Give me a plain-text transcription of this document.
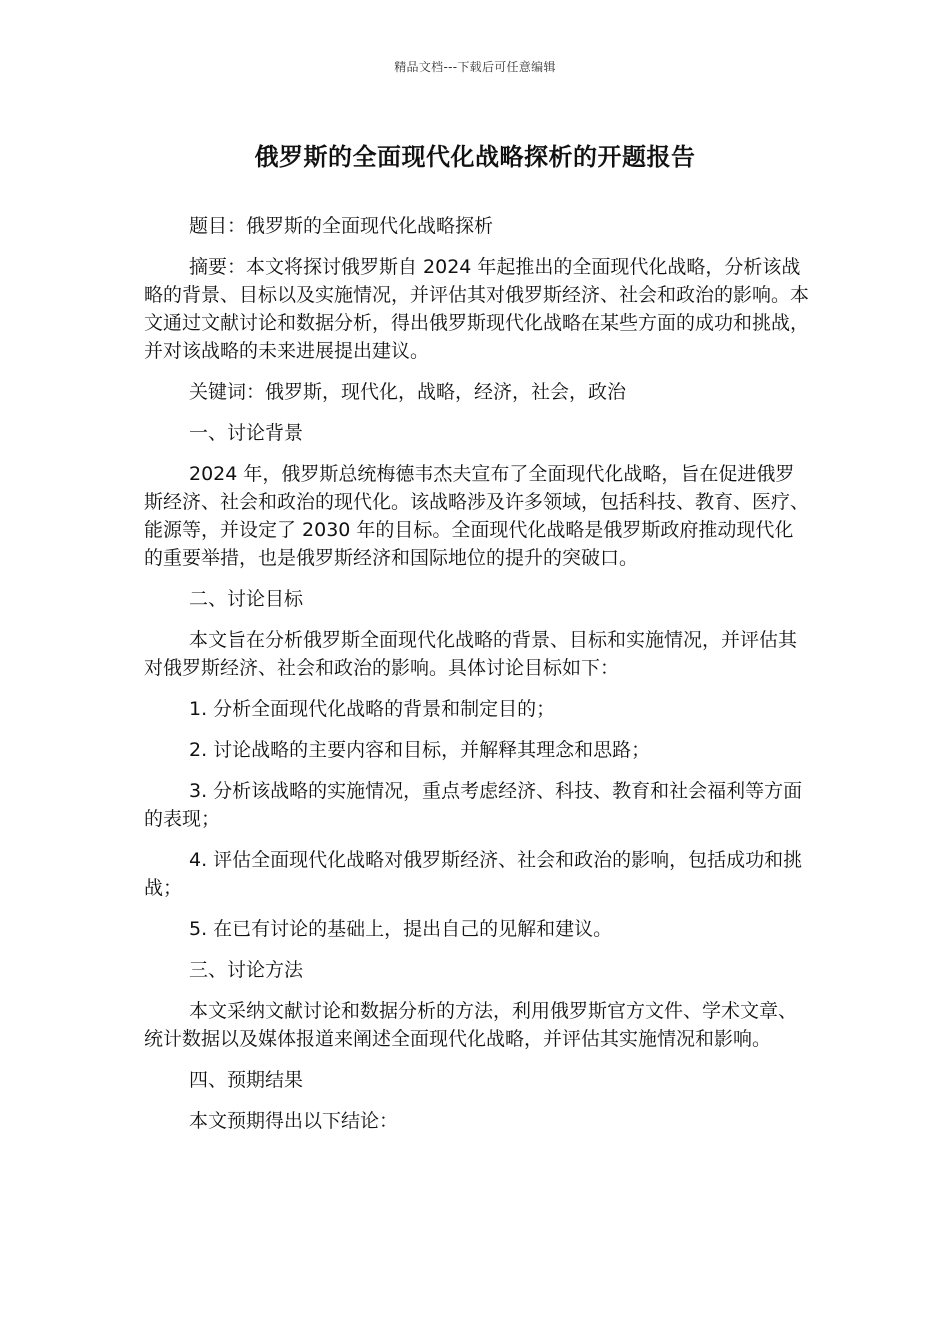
精品文档---下载后可任意编辑
俄罗斯的全面现代化战略探析的开题报告

题目：俄罗斯的全面现代化战略探析

摘要：本文将探讨俄罗斯自 2024 年起推出的全面现代化战略，分析该战略的背景、目标以及实施情况，并评估其对俄罗斯经济、社会和政治的影响。本文通过文献讨论和数据分析，得出俄罗斯现代化战略在某些方面的成功和挑战，并对该战略的未来进展提出建议。

关键词：俄罗斯，现代化，战略，经济，社会，政治

一、讨论背景

2024 年，俄罗斯总统梅德韦杰夫宣布了全面现代化战略，旨在促进俄罗斯经济、社会和政治的现代化。该战略涉及许多领域，包括科技、教育、医疗、能源等，并设定了 2030 年的目标。全面现代化战略是俄罗斯政府推动现代化的重要举措，也是俄罗斯经济和国际地位的提升的突破口。

二、讨论目标

本文旨在分析俄罗斯全面现代化战略的背景、目标和实施情况，并评估其对俄罗斯经济、社会和政治的影响。具体讨论目标如下：

1. 分析全面现代化战略的背景和制定目的；

2. 讨论战略的主要内容和目标，并解释其理念和思路；

3. 分析该战略的实施情况，重点考虑经济、科技、教育和社会福利等方面的表现；

4. 评估全面现代化战略对俄罗斯经济、社会和政治的影响，包括成功和挑战；

5. 在已有讨论的基础上，提出自己的见解和建议。

三、讨论方法

本文采纳文献讨论和数据分析的方法，利用俄罗斯官方文件、学术文章、统计数据以及媒体报道来阐述全面现代化战略，并评估其实施情况和影响。

四、预期结果

本文预期得出以下结论：
